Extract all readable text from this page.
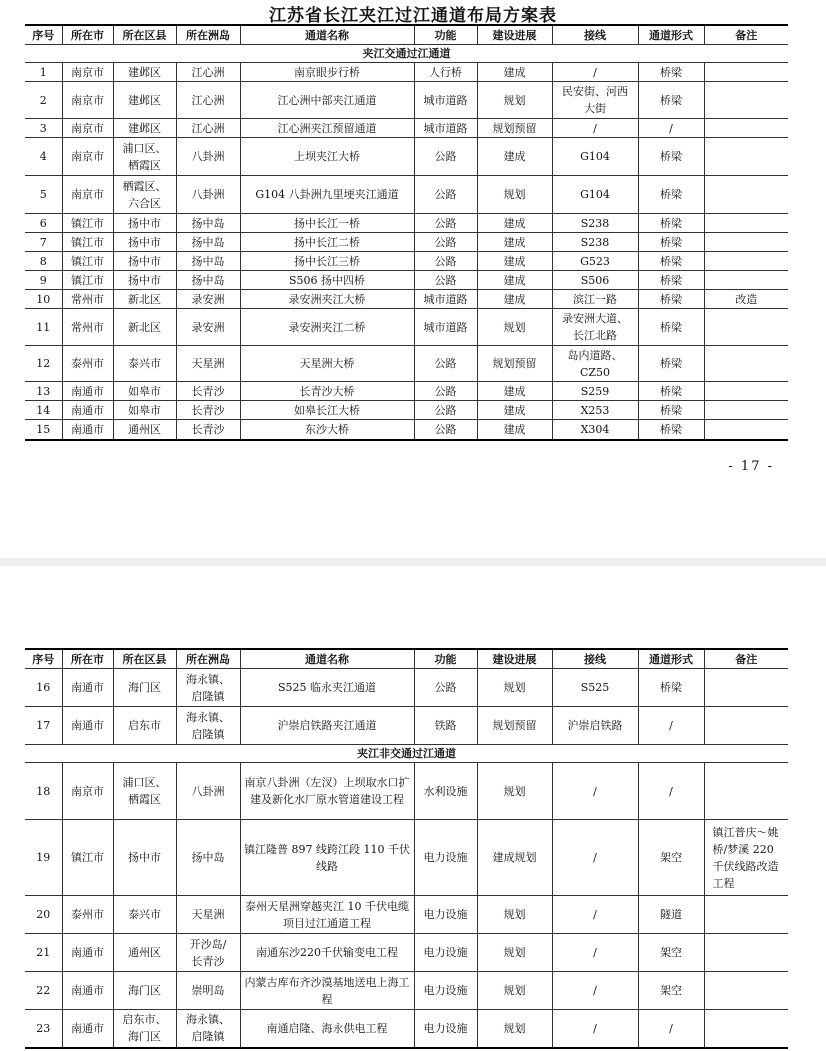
江苏省长江夹江过江通道布局方案表
序号	所在市	所在区县	所在洲岛	通道名称	功能	建设进展	接线	通道形式	备注
夹江交通过江通道									
1	南京市	建邺区	江心洲	南京眼步行桥	人行桥	建成	/	桥梁	
2	南京市	建邺区	江心洲	江心洲中部夹江通道	城市道路	规划	民安街、河西大街	桥梁	
3	南京市	建邺区	江心洲	江心洲夹江预留通道	城市道路	规划预留	/	/	
4	南京市	浦口区、栖霞区	八卦洲	上坝夹江大桥	公路	建成	G104	桥梁	
5	南京市	栖霞区、六合区	八卦洲	G104 八卦洲九里埂夹江通道	公路	规划	G104	桥梁	
6	镇江市	扬中市	扬中岛	扬中长江一桥	公路	建成	S238	桥梁	
7	镇江市	扬中市	扬中岛	扬中长江二桥	公路	建成	S238	桥梁	
8	镇江市	扬中市	扬中岛	扬中长江三桥	公路	建成	G523	桥梁	
9	镇江市	扬中市	扬中岛	S506 扬中四桥	公路	建成	S506	桥梁	
10	常州市	新北区	录安洲	录安洲夹江大桥	城市道路	建成	滨江一路	桥梁	改造
11	常州市	新北区	录安洲	录安洲夹江二桥	城市道路	规划	录安洲大道、长江北路	桥梁	
12	泰州市	泰兴市	天星洲	天星洲大桥	公路	规划预留	岛内道路、CZ50	桥梁	
13	南通市	如皋市	长青沙	长青沙大桥	公路	建成	S259	桥梁	
14	南通市	如皋市	长青沙	如皋长江大桥	公路	建成	X253	桥梁	
15	南通市	通州区	长青沙	东沙大桥	公路	建成	X304	桥梁	
- 17 -
序号	所在市	所在区县	所在洲岛	通道名称	功能	建设进展	接线	通道形式	备注
16	南通市	海门区	海永镇、启隆镇	S525 临永夹江通道	公路	规划	S525	桥梁	
17	南通市	启东市	海永镇、启隆镇	沪崇启铁路夹江通道	铁路	规划预留	沪崇启铁路	/	
夹江非交通过江通道									
18	南京市	浦口区、栖霞区	八卦洲	南京八卦洲（左汊）上坝取水口扩建及新化水厂原水管道建设工程	水利设施	规划	/	/	
19	镇江市	扬中市	扬中岛	镇江隆普 897 线跨江段 110 千伏线路	电力设施	建成规划	/	架空	镇江普庆～姚桥/梦溪 220 千伏线路改造工程
20	泰州市	泰兴市	天星洲	泰州天星洲穿越夹江 10 千伏电缆项目过江通道工程	电力设施	规划	/	隧道	
21	南通市	通州区	开沙岛/长青沙	南通东沙220千伏输变电工程	电力设施	规划	/	架空	
22	南通市	海门区	崇明岛	内蒙古库布齐沙漠基地送电上海工程	电力设施	规划	/	架空	
23	南通市	启东市、海门区	海永镇、启隆镇	南通启隆、海永供电工程	电力设施	规划	/	/	
